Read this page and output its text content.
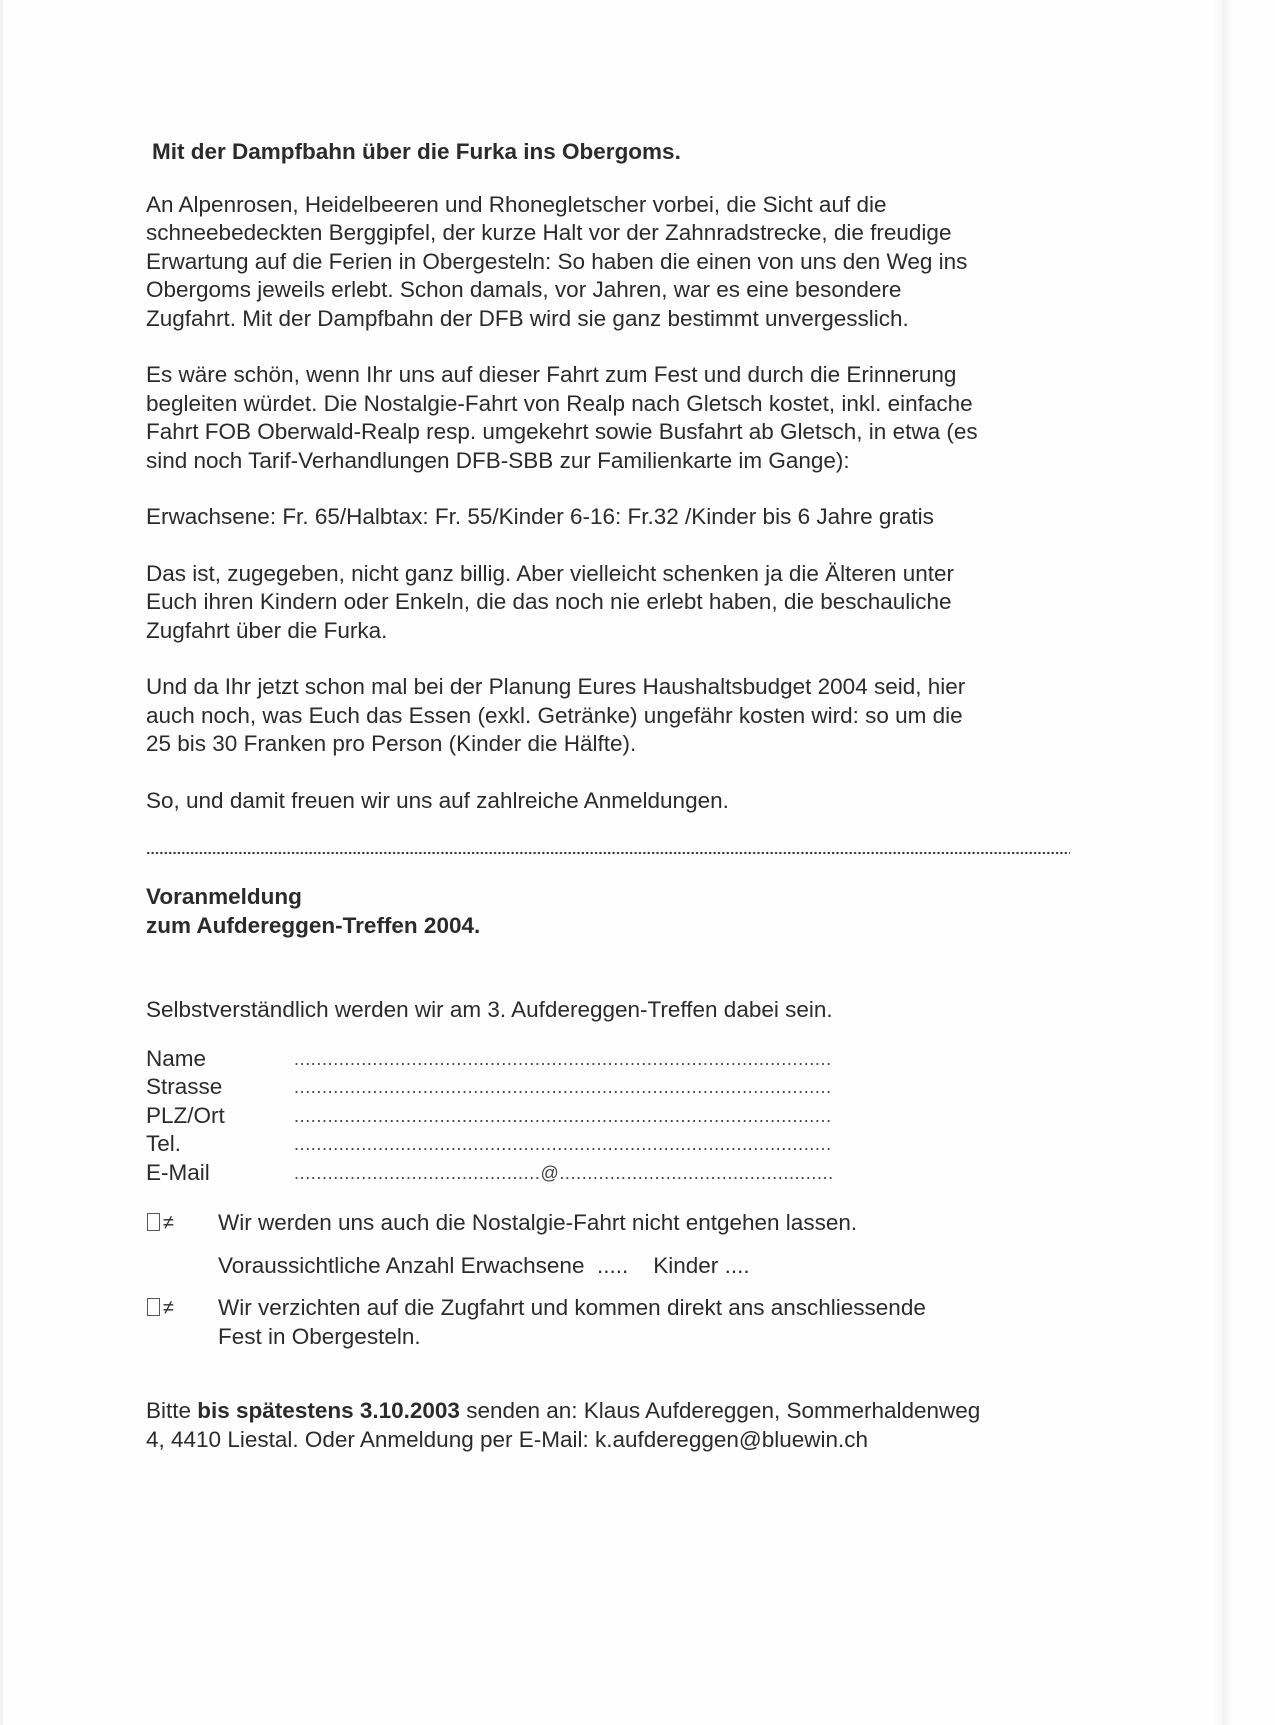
Mit der Dampfbahn über die Furka ins Obergoms.

An Alpenrosen, Heidelbeeren und Rhonegletscher vorbei, die Sicht auf die
schneebedeckten Berggipfel, der kurze Halt vor der Zahnradstrecke, die freudige
Erwartung auf die Ferien in Obergesteln: So haben die einen von uns den Weg ins
Obergoms jeweils erlebt. Schon damals, vor Jahren, war es eine besondere
Zugfahrt. Mit der Dampfbahn der DFB wird sie ganz bestimmt unvergesslich.

Es wäre schön, wenn Ihr uns auf dieser Fahrt zum Fest und durch die Erinnerung
begleiten würdet. Die Nostalgie-Fahrt von Realp nach Gletsch kostet, inkl. einfache
Fahrt FOB Oberwald-Realp resp. umgekehrt sowie Busfahrt ab Gletsch, in etwa (es
sind noch Tarif-Verhandlungen DFB-SBB zur Familienkarte im Gange):

Erwachsene: Fr. 65/Halbtax: Fr. 55/Kinder 6-16: Fr.32 /Kinder bis 6 Jahre gratis

Das ist, zugegeben, nicht ganz billig. Aber vielleicht schenken ja die Älteren unter
Euch ihren Kindern oder Enkeln, die das noch nie erlebt haben, die beschauliche
Zugfahrt über die Furka.

Und da Ihr jetzt schon mal bei der Planung Eures Haushaltsbudget 2004 seid, hier
auch noch, was Euch das Essen (exkl. Getränke) ungefähr kosten wird: so um die
25 bis 30 Franken pro Person (Kinder die Hälfte).

So, und damit freuen wir uns auf zahlreiche Anmeldungen.

Voranmeldung
zum Aufdereggen-Treffen 2004.
Selbstverständlich werden wir am 3. Aufdereggen-Treffen dabei sein.
Name	................................................................................................
Strasse	................................................................................................
PLZ/Ort	................................................................................................
Tel.	................................................................................................
E-Mail	............................................@.................................................
≠ Wir werden uns auch die Nostalgie-Fahrt nicht entgehen lassen.
Voraussichtliche Anzahl Erwachsene ..... Kinder ....
≠ Wir verzichten auf die Zugfahrt und kommen direkt ans anschliessende
Fest in Obergesteln.
Bitte bis spätestens 3.10.2003 senden an: Klaus Aufdereggen, Sommerhaldenweg
4, 4410 Liestal. Oder Anmeldung per E-Mail: k.aufdereggen@bluewin.ch
